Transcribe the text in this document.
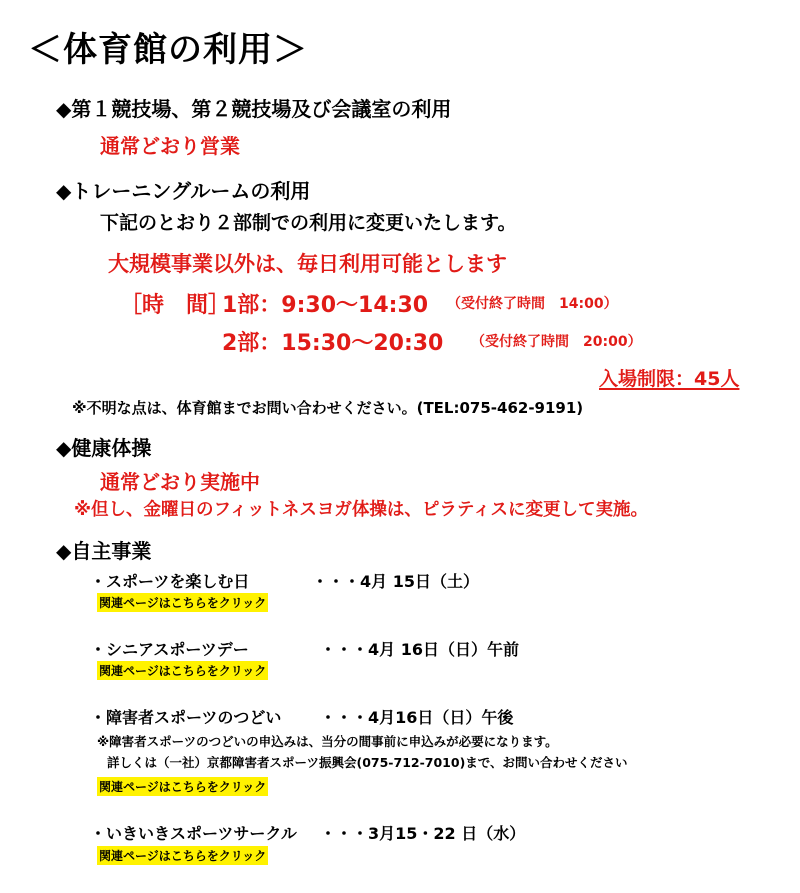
＜体育館の利用＞
◆第１競技場、第２競技場及び会議室の利用
通常どおり営業
◆トレーニングルームの利用
下記のとおり２部制での利用に変更いたします。
大規模事業以外は、毎日利用可能とします
［時　間］
1部：9:30～14:30 （受付終了時間　14:00）
2部：15:30～20:30 （受付終了時間　20:00）
入場制限：45人
※不明な点は、体育館までお問い合わせください。(TEL:075-462-9191)
◆健康体操
通常どおり実施中
※但し、金曜日のフィットネスヨガ体操は、ピラティスに変更して実施。
◆自主事業
・スポーツを楽しむ日	・・・4月 15日（土）
関連ページはこちらをクリック
・シニアスポーツデー	・・・4月 16日（日）午前
関連ページはこちらをクリック
・障害者スポーツのつどい ・・・4月16日（日）午後
※障害者スポーツのつどいの申込みは、当分の間事前に申込みが必要になります。
詳しくは（一社）京都障害者スポーツ振興会(075-712-7010)まで、お問い合わせください
関連ページはこちらをクリック
・いきいきスポーツサークル ・・・3月15・22 日（水）
関連ページはこちらをクリック
